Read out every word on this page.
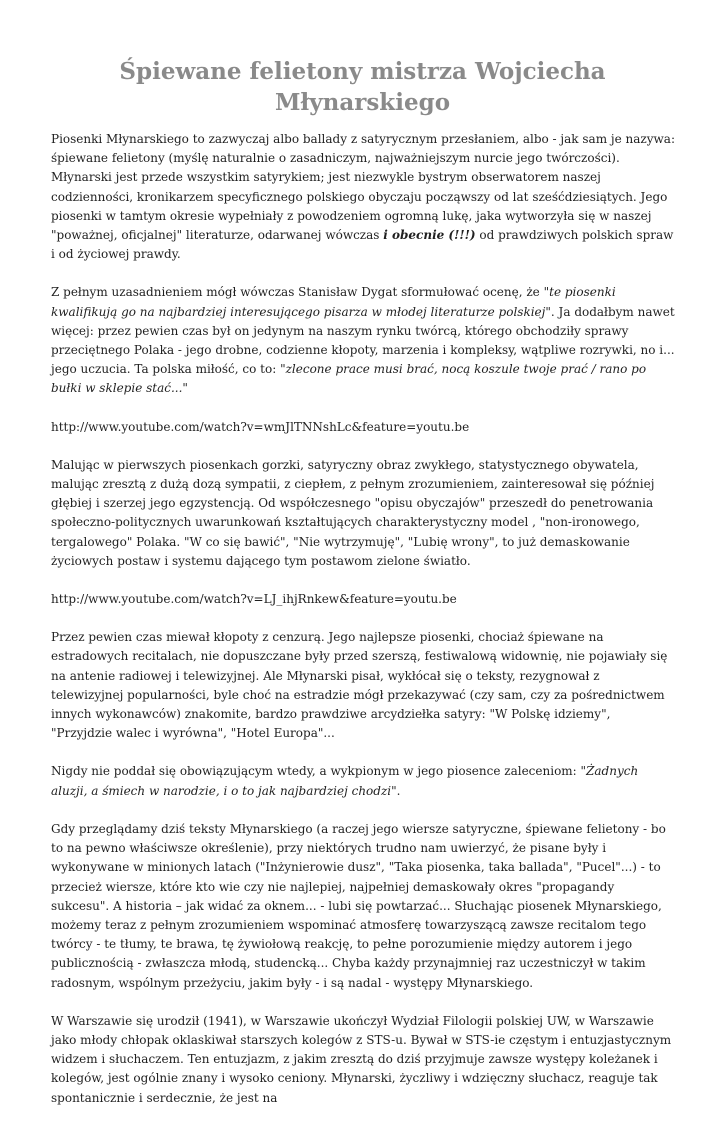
Śpiewane felietony mistrza Wojciecha Młynarskiego

Piosenki Młynarskiego to zazwyczaj albo ballady z satyrycznym przesłaniem, albo - jak sam je nazywa: śpiewane felietony (myślę naturalnie o zasadniczym, najważniejszym nurcie jego twórczości). Młynarski jest przede wszystkim satyrykiem; jest niezwykle bystrym obserwatorem naszej codzienności, kronikarzem specyficznego polskiego obyczaju począwszy od lat sześćdziesiątych. Jego piosenki w tamtym okresie wypełniały z powodzeniem ogromną lukę, jaka wytworzyła się w naszej "poważnej, oficjalnej" literaturze, odarwanej wówczas i obecnie (!!!) od prawdziwych polskich spraw i od życiowej prawdy.

Z pełnym uzasadnieniem mógł wówczas Stanisław Dygat sformułować ocenę, że "te piosenki kwalifikują go na najbardziej interesującego pisarza w młodej literaturze polskiej". Ja dodałbym nawet więcej: przez pewien czas był on jedynym na naszym rynku twórcą, którego obchodziły sprawy przeciętnego Polaka - jego drobne, codzienne kłopoty, marzenia i kompleksy, wątpliwe rozrywki, no i... jego uczucia. Ta polska miłość, co to: "zlecone prace musi brać, nocą koszule twoje prać / rano po bułki w sklepie stać..."

http://www.youtube.com/watch?v=wmJlTNNshLc&feature=youtu.be

Malując w pierwszych piosenkach gorzki, satyryczny obraz zwykłego, statystycznego obywatela, malując zresztą z dużą dozą sympatii, z ciepłem, z pełnym zrozumieniem, zainteresował się później głębiej i szerzej jego egzystencją. Od współczesnego "opisu obyczajów" przeszedł do penetrowania społeczno-politycznych uwarunkowań kształtujących charakterystyczny model , "non-ironowego, tergalowego" Polaka. "W co się bawić", "Nie wytrzymuję", "Lubię wrony", to już demaskowanie życiowych postaw i systemu dającego tym postawom zielone światło.

http://www.youtube.com/watch?v=LJ_ihjRnkew&feature=youtu.be

Przez pewien czas miewał kłopoty z cenzurą. Jego najlepsze piosenki, chociaż śpiewane na estradowych recitalach, nie dopuszczane były przed szerszą, festiwalową widownię, nie pojawiały się na antenie radiowej i telewizyjnej. Ale Młynarski pisał, wykłócał się o teksty, rezygnował z telewizyjnej popularności, byle choć na estradzie mógł przekazywać (czy sam, czy za pośrednictwem innych wykonawców) znakomite, bardzo prawdziwe arcydziełka satyry: "W Polskę idziemy", "Przyjdzie walec i wyrówna", "Hotel Europa"...

Nigdy nie poddał się obowiązującym wtedy, a wykpionym w jego piosence zaleceniom: "Żadnych aluzji, a śmiech w narodzie, i o to jak najbardziej chodzi".

Gdy przeglądamy dziś teksty Młynarskiego (a raczej jego wiersze satyryczne, śpiewane felietony - bo to na pewno właściwsze określenie), przy niektórych trudno nam uwierzyć, że pisane były i wykonywane w minionych latach ("Inżynierowie dusz", "Taka piosenka, taka ballada", "Pucel"...) - to przecież wiersze, które kto wie czy nie najlepiej, najpełniej demaskowały okres "propagandy sukcesu". A historia – jak widać za oknem... - lubi się powtarzać... Słuchając piosenek Młynarskiego, możemy teraz z pełnym zrozumieniem wspominać atmosferę towarzyszącą zawsze recitalom tego twórcy - te tłumy, te brawa, tę żywiołową reakcję, to pełne porozumienie między autorem i jego publicznością - zwłaszcza młodą, studencką... Chyba każdy przynajmniej raz uczestniczył w takim radosnym, wspólnym przeżyciu, jakim były - i są nadal - występy Młynarskiego.

W Warszawie się urodził (1941), w Warszawie ukończył Wydział Filologii polskiej UW, w Warszawie jako młody chłopak oklaskiwał starszych kolegów z STS-u. Bywał w STS-ie częstym i entuzjastycznym widzem i słuchaczem. Ten entuzjazm, z jakim zresztą do dziś przyjmuje zawsze występy koleżanek i kolegów, jest ogólnie znany i wysoko ceniony. Młynarski, życzliwy i wdzięczny słuchacz, reaguje tak spontanicznie i serdecznie, że jest na
